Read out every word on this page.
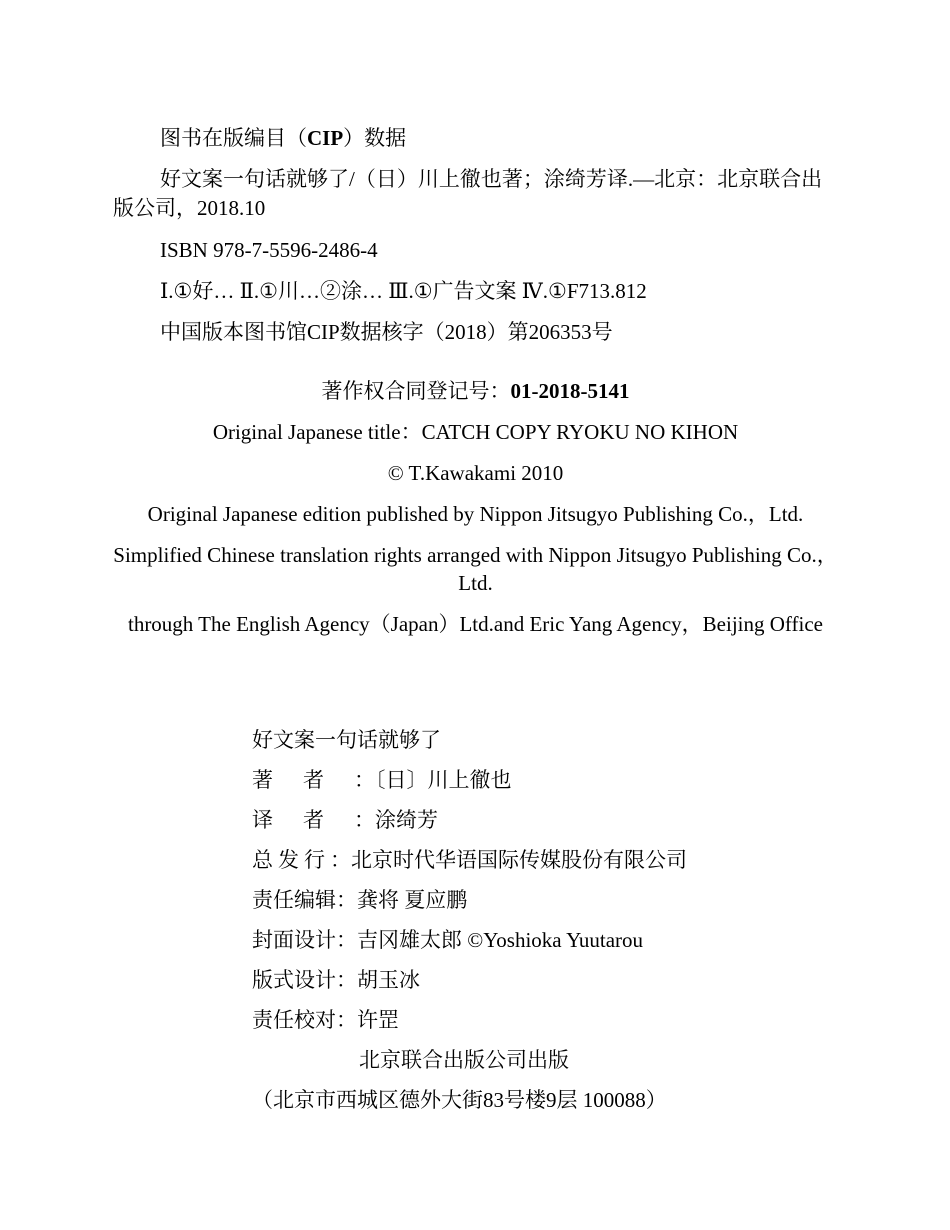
图书在版编目（CIP）数据

好文案一句话就够了/（日）川上徹也著；涂绮芳译.—北京：北京联合出版公司，2018.10

ISBN 978-7-5596-2486-4

Ⅰ.①好… Ⅱ.①川…②涂… Ⅲ.①广告文案 Ⅳ.①F713.812

中国版本图书馆CIP数据核字（2018）第206353号

著作权合同登记号：01-2018-5141

Original Japanese title：CATCH COPY RYOKU NO KIHON

© T.Kawakami 2010

Original Japanese edition published by Nippon Jitsugyo Publishing Co.，Ltd.

Simplified Chinese translation rights arranged with Nippon Jitsugyo Publishing Co.，Ltd.

through The English Agency（Japan）Ltd.and Eric Yang Agency，Beijing Office

好文案一句话就够了

著者：〔日〕川上徹也

译者：涂绮芳

总发行：北京时代华语国际传媒股份有限公司

责任编辑：龚将 夏应鹏

封面设计：吉冈雄太郎 ©Yoshioka Yuutarou

版式设计：胡玉冰

责任校对：许罡

北京联合出版公司出版

（北京市西城区德外大街83号楼9层 100088）
